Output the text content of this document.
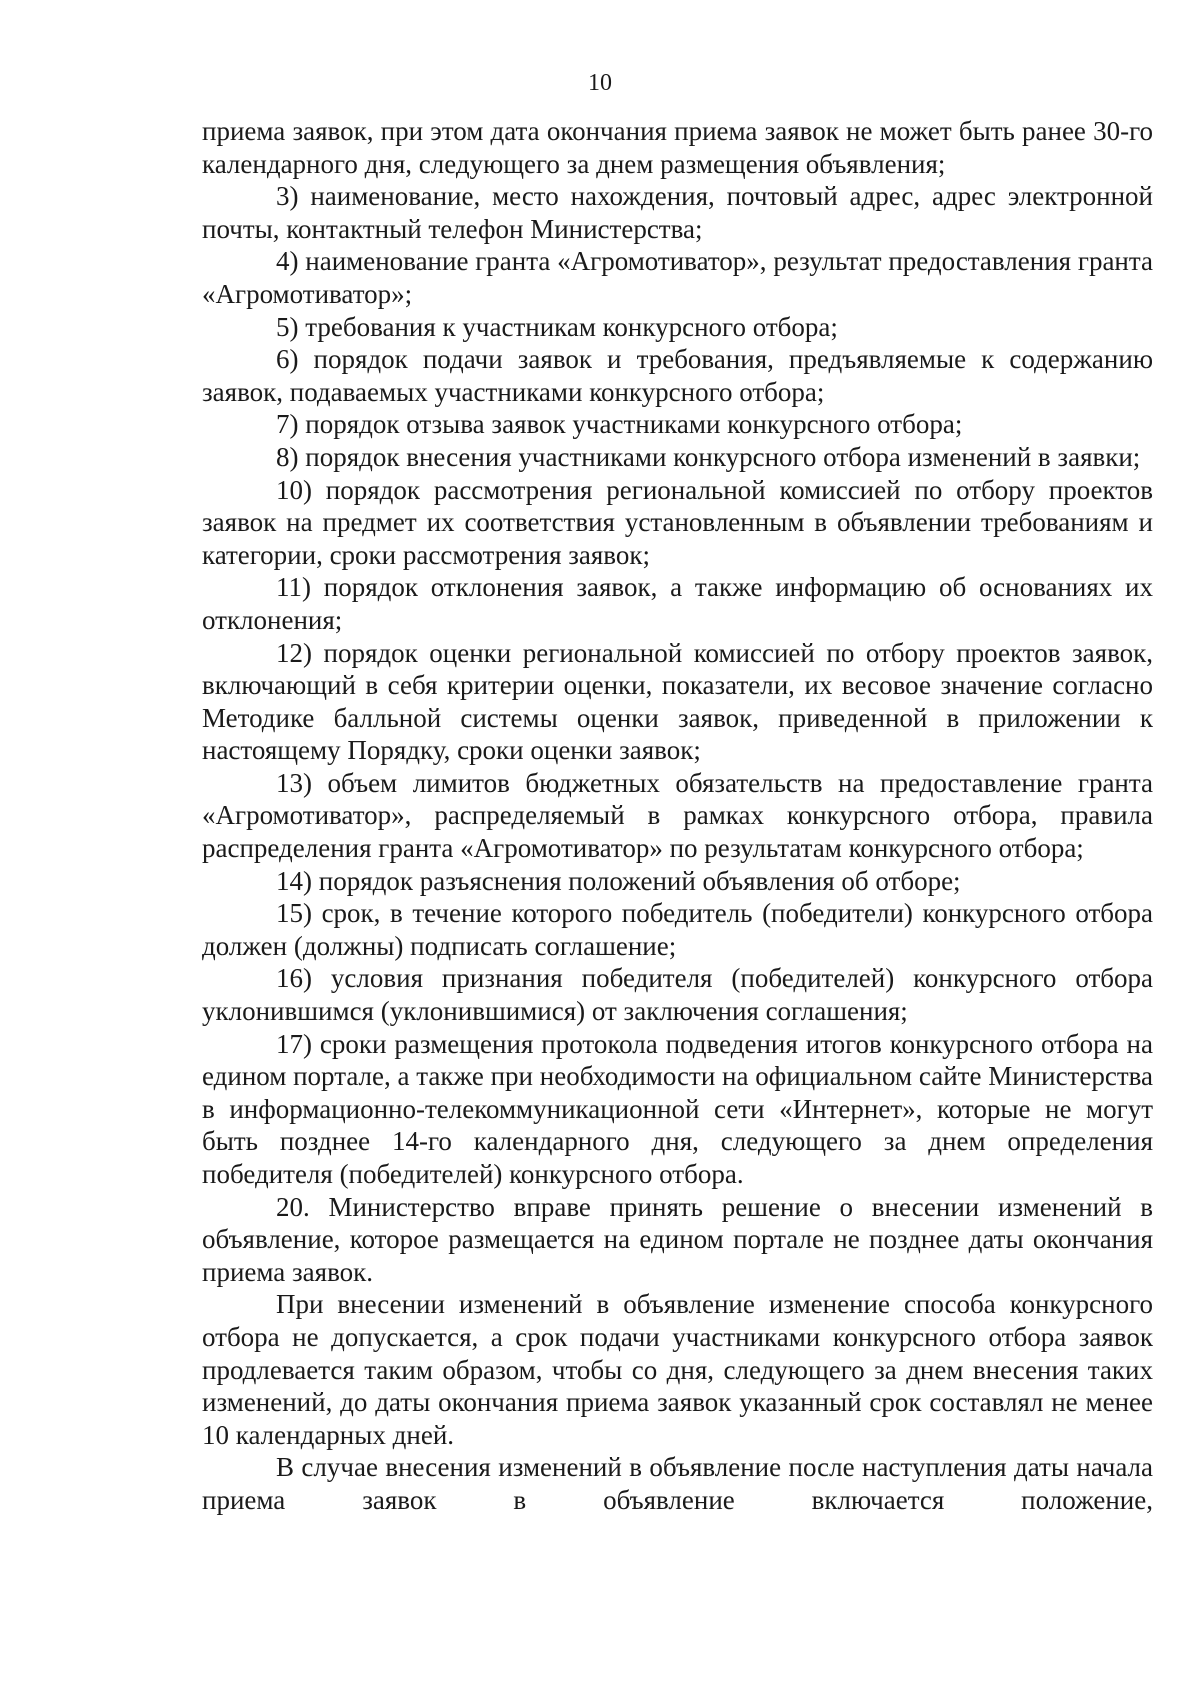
10

приема заявок, при этом дата окончания приема заявок не может быть ранее 30-го календарного дня, следующего за днем размещения объявления;

3) наименование, место нахождения, почтовый адрес, адрес электронной почты, контактный телефон Министерства;

4) наименование гранта «Агромотиватор», результат предоставления гранта «Агромотиватор»;

5) требования к участникам конкурсного отбора;

6) порядок подачи заявок и требования, предъявляемые к содержанию заявок, подаваемых участниками конкурсного отбора;

7) порядок отзыва заявок участниками конкурсного отбора;

8) порядок внесения участниками конкурсного отбора изменений в заявки;

10) порядок рассмотрения региональной комиссией по отбору проектов заявок на предмет их соответствия установленным в объявлении требованиям и категории, сроки рассмотрения заявок;

11) порядок отклонения заявок, а также информацию об основаниях их отклонения;

12) порядок оценки региональной комиссией по отбору проектов заявок, включающий в себя критерии оценки, показатели, их весовое значение согласно Методике балльной системы оценки заявок, приведенной в приложении к настоящему Порядку, сроки оценки заявок;

13) объем лимитов бюджетных обязательств на предоставление гранта «Агромотиватор», распределяемый в рамках конкурсного отбора, правила распределения гранта «Агромотиватор» по результатам конкурсного отбора;

14) порядок разъяснения положений объявления об отборе;

15) срок, в течение которого победитель (победители) конкурсного отбора должен (должны) подписать соглашение;

16) условия признания победителя (победителей) конкурсного отбора уклонившимся (уклонившимися) от заключения соглашения;

17) сроки размещения протокола подведения итогов конкурсного отбора на едином портале, а также при необходимости на официальном сайте Министерства в информационно-телекоммуникационной сети «Интернет», которые не могут быть позднее 14-го календарного дня, следующего за днем определения победителя (победителей) конкурсного отбора.

20. Министерство вправе принять решение о внесении изменений в объявление, которое размещается на едином портале не позднее даты окончания приема заявок.

При внесении изменений в объявление изменение способа конкурсного отбора не допускается, а срок подачи участниками конкурсного отбора заявок продлевается таким образом, чтобы со дня, следующего за днем внесения таких изменений, до даты окончания приема заявок указанный срок составлял не менее 10 календарных дней.

В случае внесения изменений в объявление после наступления даты начала приема заявок в объявление включается положение,
